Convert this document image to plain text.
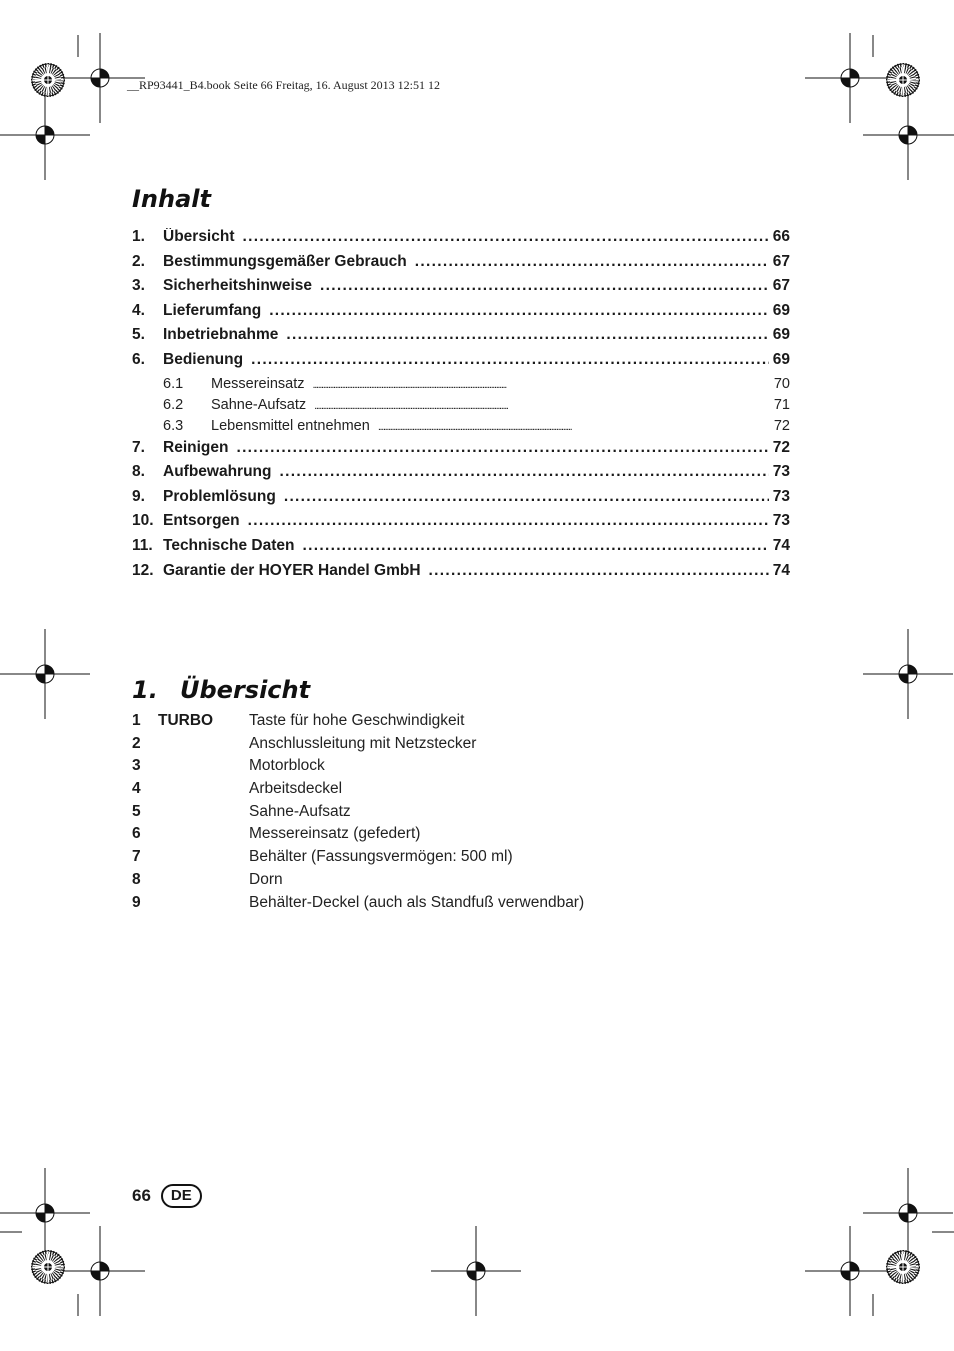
__RP93441_B4.book Seite 66 Freitag, 16. August 2013 12:51 12
Inhalt
1.	Übersicht . . .	66
2.	Bestimmungsgemäßer Gebrauch . . .	67
3.	Sicherheitshinweise . . .	67
4.	Lieferumfang . . .	69
5.	Inbetriebnahme . . .	69
6.	Bedienung . . .	69
6.1	Messereinsatz . . .	70
6.2	Sahne-Aufsatz . . .	71
6.3	Lebensmittel entnehmen . . .	72
7.	Reinigen . . .	72
8.	Aufbewahrung . . .	73
9.	Problemlösung . . .	73
10. Entsorgen . . .	73
11. Technische Daten . . .	74
12. Garantie der HOYER Handel GmbH . . .	74
1. Übersicht
1	TURBO	Taste für hohe Geschwindigkeit
2	Anschlussleitung mit Netzstecker
3	Motorblock
4	Arbeitsdeckel
5	Sahne-Aufsatz
6	Messereinsatz (gefedert)
7	Behälter (Fassungsvermögen: 500 ml)
8	Dorn
9	Behälter-Deckel (auch als Standfuß verwendbar)
66	DE
